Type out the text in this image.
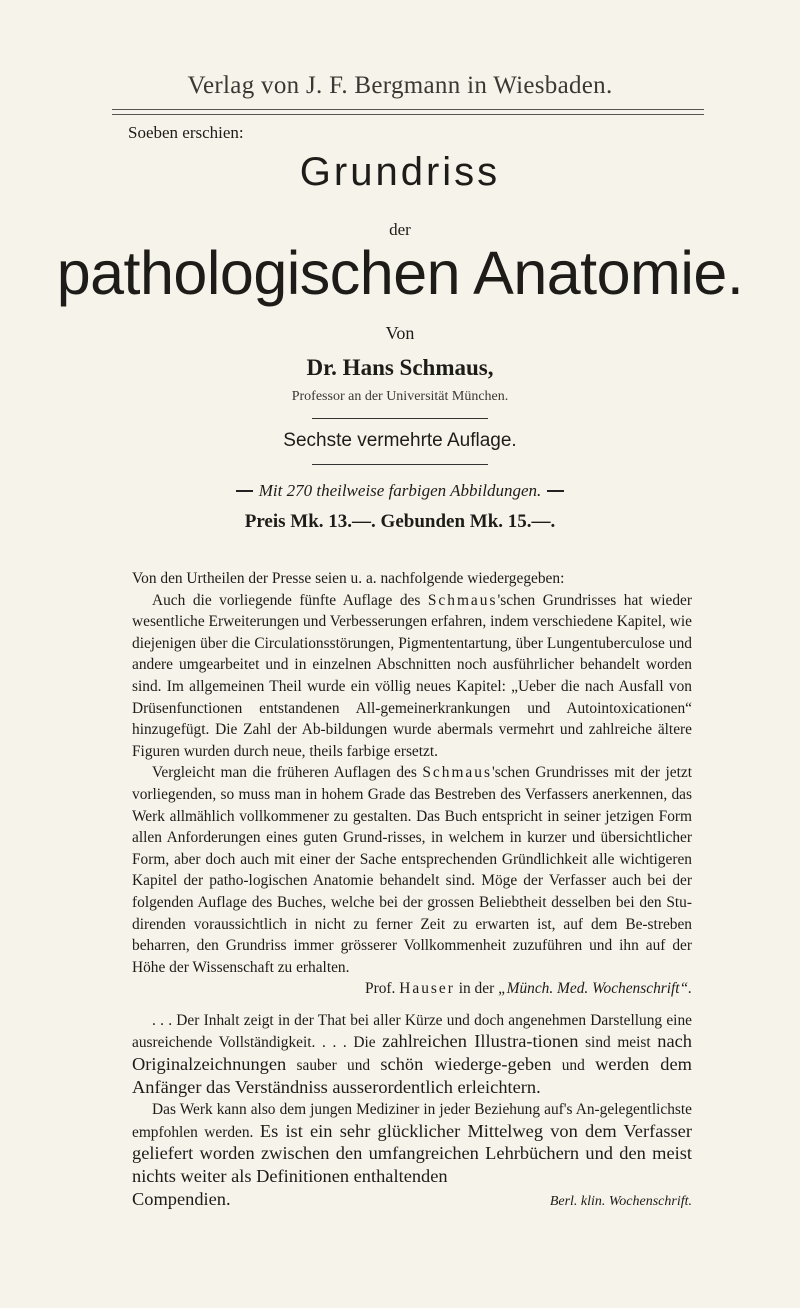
Verlag von J. F. Bergmann in Wiesbaden.
Soeben erschien:
Grundriss
der
pathologischen Anatomie.
Von
Dr. Hans Schmaus,
Professor an der Universität München.
Sechste vermehrte Auflage.
Mit 270 theilweise farbigen Abbildungen.
Preis Mk. 13.—. Gebunden Mk. 15.—.

Von den Urtheilen der Presse seien u. a. nachfolgende wiedergegeben:

Auch die vorliegende fünfte Auflage des Schmaus'schen Grundrisses hat wieder wesentliche Erweiterungen und Verbesserungen erfahren, indem verschiedene Kapitel, wie diejenigen über die Circulationsstörungen, Pigmententartung, über Lungentuberculose und andere umgearbeitet und in einzelnen Abschnitten noch ausführlicher behandelt worden sind. Im allgemeinen Theil wurde ein völlig neues Kapitel: „Ueber die nach Ausfall von Drüsenfunctionen entstandenen All-gemeinerkrankungen und Autointoxicationen“ hinzugefügt. Die Zahl der Ab-bildungen wurde abermals vermehrt und zahlreiche ältere Figuren wurden durch neue, theils farbige ersetzt.

Vergleicht man die früheren Auflagen des Schmaus'schen Grundrisses mit der jetzt vorliegenden, so muss man in hohem Grade das Bestreben des Verfassers anerkennen, das Werk allmählich vollkommener zu gestalten. Das Buch entspricht in seiner jetzigen Form allen Anforderungen eines guten Grund-risses, in welchem in kurzer und übersichtlicher Form, aber doch auch mit einer der Sache entsprechenden Gründlichkeit alle wichtigeren Kapitel der patho-logischen Anatomie behandelt sind. Möge der Verfasser auch bei der folgenden Auflage des Buches, welche bei der grossen Beliebtheit desselben bei den Stu-direnden voraussichtlich in nicht zu ferner Zeit zu erwarten ist, auf dem Be-streben beharren, den Grundriss immer grösserer Vollkommenheit zuzuführen und ihn auf der Höhe der Wissenschaft zu erhalten.

Prof. Hauser in der „Münch. Med. Wochenschrift“.

. . . Der Inhalt zeigt in der That bei aller Kürze und doch angenehmen Darstellung eine ausreichende Vollständigkeit. . . . Die zahlreichen Illustra-tionen sind meist nach Originalzeichnungen sauber und schön wiederge-geben und werden dem Anfänger das Verständniss ausserordentlich erleichtern.

Das Werk kann also dem jungen Mediziner in jeder Beziehung auf's An-gelegentlichste empfohlen werden. Es ist ein sehr glücklicher Mittelweg von dem Verfasser geliefert worden zwischen den umfangreichen Lehrbüchern und den meist nichts weiter als Definitionen enthaltenden

Compendien.	Berl. klin. Wochenschrift.
